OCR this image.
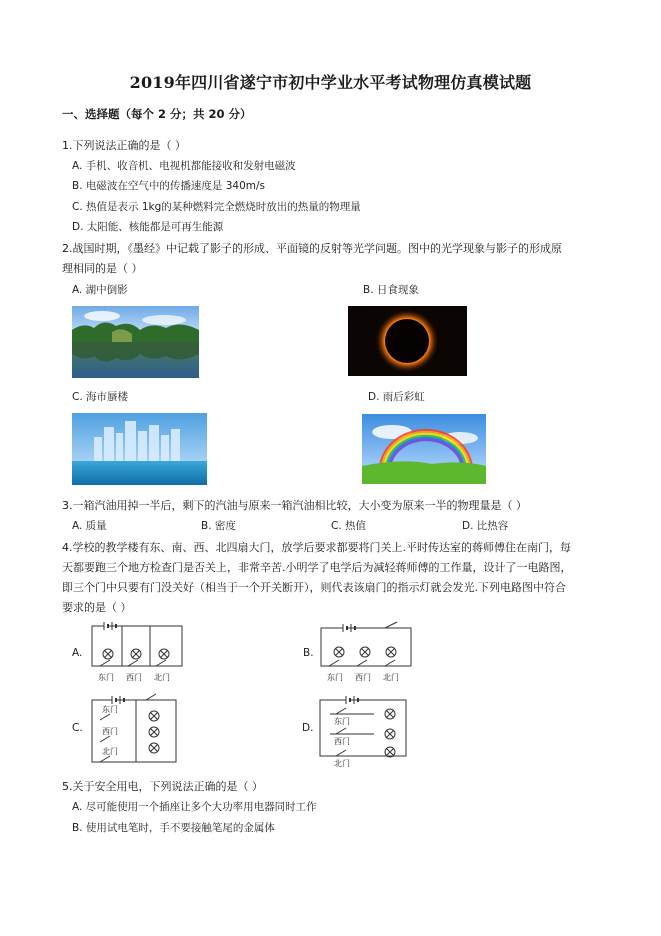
2019年四川省遂宁市初中学业水平考试物理仿真模试题
一、选择题（每个 2 分；共 20 分）
1.下列说法正确的是（ ）
A. 手机、收音机、电视机都能接收和发射电磁波
B. 电磁波在空气中的传播速度是 340m/s
C. 热值是表示 1kg的某种燃料完全燃烧时放出的热量的物理量
D. 太阳能、核能都是可再生能源
2.战国时期，《墨经》中记载了影子的形成、平面镜的反射等光学问题。图中的光学现象与影子的形成原
理相同的是（ ）
A. 湖中倒影	B. 日食现象
C. 海市蜃楼	D. 雨后彩虹
3.一箱汽油用掉一半后，剩下的汽油与原来一箱汽油相比较，大小变为原来一半的物理量是（ ）
A. 质量	B. 密度	C. 热值	D. 比热容
4.学校的教学楼有东、南、西、北四扇大门，放学后要求都要将门关上.平时传达室的蒋师傅住在南门，每
天都要跑三个地方检查门是否关上，非常辛苦.小明学了电学后为减轻蒋师傅的工作量，设计了一电路图，
即三个门中只要有门没关好（相当于一个开关断开），则代表该扇门的指示灯就会发光.下列电路图中符合
要求的是（ ）
A.
东门 西门 北门
B.
东门 西门 北门
C.
东门
西门
北门
D.
东门
西门
北门
5.关于安全用电，下列说法正确的是（ ）
A. 尽可能使用一个插座让多个大功率用电器同时工作
B. 使用试电笔时，手不要接触笔尾的金属体
